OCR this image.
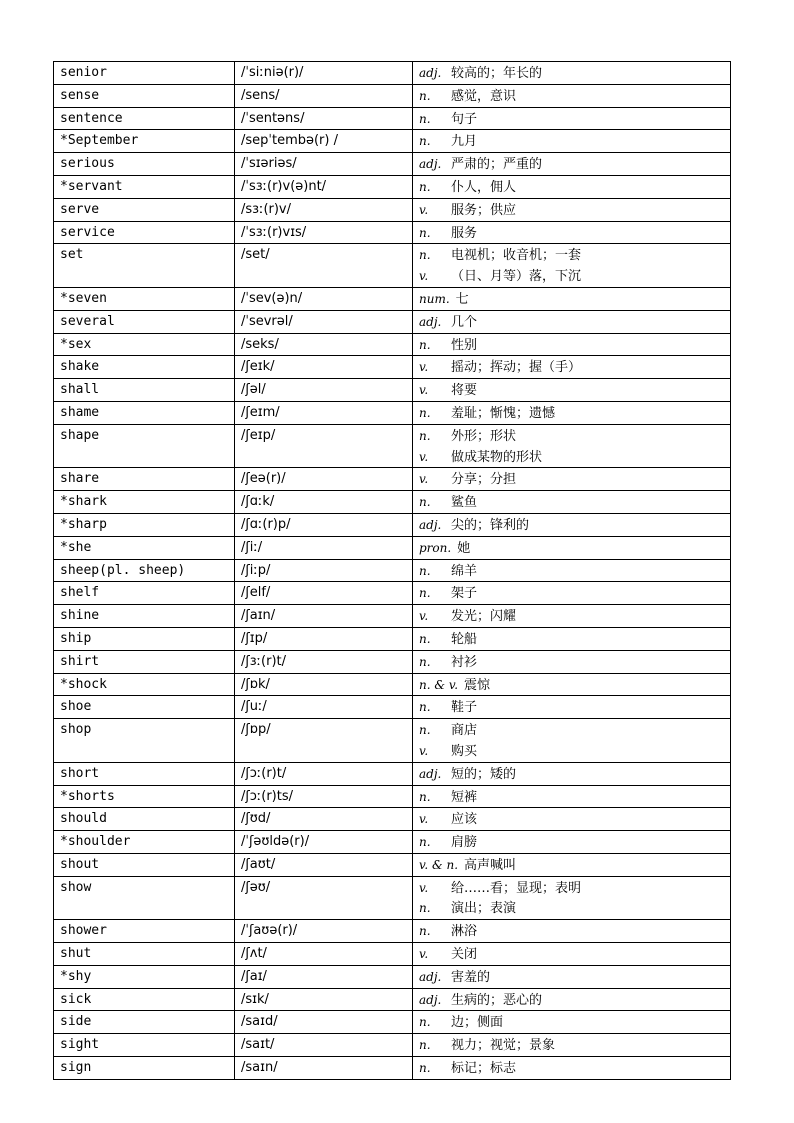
senior	/ˈsiːniə(r)/	adj. 较高的；年长的

sense	/sens/	n. 感觉，意识

sentence	/ˈsentəns/	n. 句子

*September	/sepˈtembə(r) /	n. 九月

serious	/ˈsɪəriəs/	adj. 严肃的；严重的

*servant	/ˈsɜː(r)v(ə)nt/	n. 仆人，佣人

serve	/sɜː(r)v/	v. 服务；供应

service	/ˈsɜː(r)vɪs/	n. 服务

set	/set/	n. 电视机；收音机；一套
v. （日、月等）落，下沉

*seven	/ˈsev(ə)n/	num. 七

several	/ˈsevrəl/	adj. 几个

*sex	/seks/	n. 性别

shake	/ʃeɪk/	v. 摇动；挥动；握（手）

shall	/ʃəl/	v. 将要

shame	/ʃeɪm/	n. 羞耻；惭愧；遗憾

shape	/ʃeɪp/	n. 外形；形状
v. 做成某物的形状

share	/ʃeə(r)/	v. 分享；分担

*shark	/ʃɑːk/	n. 鲨鱼

*sharp	/ʃɑː(r)p/	adj. 尖的；锋利的

*she	/ʃiː/	pron. 她

sheep(pl. sheep)	/ʃiːp/	n. 绵羊

shelf	/ʃelf/	n. 架子

shine	/ʃaɪn/	v. 发光；闪耀

ship	/ʃɪp/	n. 轮船

shirt	/ʃɜː(r)t/	n. 衬衫

*shock	/ʃɒk/	n. & v. 震惊

shoe	/ʃuː/	n. 鞋子

shop	/ʃɒp/	n. 商店
v. 购买

short	/ʃɔː(r)t/	adj. 短的；矮的

*shorts	/ʃɔː(r)ts/	n. 短裤

should	/ʃʊd/	v. 应该

*shoulder	/ˈʃəʊldə(r)/	n. 肩膀

shout	/ʃaʊt/	v. & n. 高声喊叫

show	/ʃəʊ/	v. 给……看；显现；表明
n. 演出；表演

shower	/ˈʃaʊə(r)/	n. 淋浴

shut	/ʃʌt/	v. 关闭

*shy	/ʃaɪ/	adj. 害羞的

sick	/sɪk/	adj. 生病的；恶心的

side	/saɪd/	n. 边；侧面

sight	/saɪt/	n. 视力；视觉；景象

sign	/saɪn/	n. 标记；标志
